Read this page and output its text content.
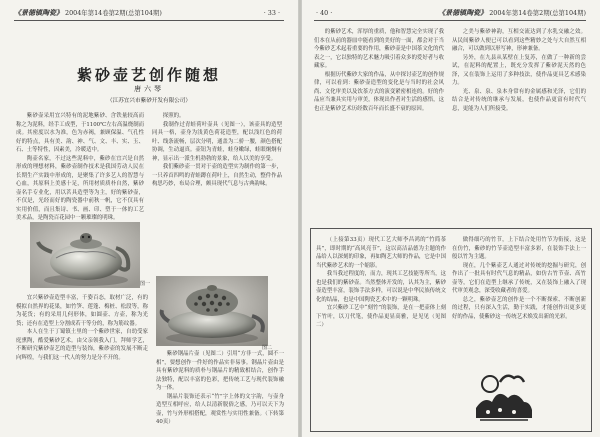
《景德镇陶瓷》 2004年第14卷第2期(总第104期)	· 33 ·
紫砂壶艺创作随想
唐六琴
（江苏宜兴市紫砂开发有限公司）

紫砂壶采用宜兴特有的泥地紫砂、含铁量较高而称之为泥料，经手工成型，于1100℃左右高温烧制而成。其密度以水为准，色为赤褐，兼顾保温、气孔性好的特点，具有美、韵、神、气、文、丰、实、玉、石、土等特性，因素美，冷暖适中。

陶壶名家，不过这些泥料中，紫砂在宜兴是自然形成的理想材料，紫砂壶制作技术是我国劳动人民在长期生产实践中形成的，是聚集了许多艺人的智慧与心血，其原料上美感十足，所用材质质朴自然，紫砂壶名手专业化，用以茗具造型等为主，好的紫砂壶，不仅是，光经而好的陶瓷器中前秋一帆，它不仅具有实用价值，而且集诗、书、画、印、塑于一体的工艺美术品，是陶瓷百花园中一颗璀璨的明珠。

探照的。

我制作过青蛙荷叶壶具（见图一），该壶具的造型同具一格，壶身为浅黄色荷花造型，配以浅红色的荷叶、线条流畅，层次分明，通盖为二骄一腰，颜色搭配协调，生动逼真。壶钮为青蛙，蛙身嫩绿，蛙眼炯炯有神，显示出一派生机勃勃的景象，给人以美的享受。

我们紫砂壶一贯对于壶的造型实为制作的第一步，一只养首四鸣的青蛙蹲在荷叶上，自然生动，整件作品构思巧妙，布局合理，颇具现代气息与古典韵味。

图一
图二

宜兴紫砂壶造型丰富，千姿百态，取材广泛，有的模拟自然界的花果，如竹笋、莲蓬、梅桩、松段等，称为花货；有的采用几何形体，如圆壶、方壶，称为光货；还有在造型上分割成若干等分的，称为筋纹器。

本人在生于丁蜀镇土里的一个紫砂世家，自幼受家庭熏陶，酷爱紫砂艺术。由父亲领我入门，拜师学艺，不断研究紫砂壶艺的造型与装饰，紫砂壶的发展不断走向辉煌，与我们这一代人的努力是分不开的。

紫砂钢晶片壶（见图二）引用“方非一式，圆不一相”，要想创作一件好的作品实非易事。钢晶片壶由是具有紫砂泥料的质朴与钢晶片的精致相结合，创作手法独特，配以丰富的色彩，把传统工艺与现代装饰融为一体。

钢晶片装饰还表示“竹”字上体的文字韵，与壶身造型互相呼应，给人以清新脱俗之感，乃可以天下为壶，竹与外形相搭配，观赏性与实用性兼备。（下转第40页）

· 40 ·	《景德镇陶瓷》 2004年第14卷第2期(总第104期)

的紫砂艺术，浑厚的重质，他和智慧完全实现了我们本在从前的器皿中能看到的美好的一面，都会对于当今紫砂艺术起着重要的作用，紫砂壶是中国茶文化的代表之一，它以独特的艺术魅力吸引着众多的爱好者与收藏家。

根据历代紫砂大家的作品，从中探讨壶艺的创作规律，可以看到：紫砂壶造型的变化是与当时的社会风尚、文化审美以及饮茶方式的演变紧密相连的。好的作品应当兼具实用与审美，体现出作者对生活的感悟，这也正是紫砂艺术历经数百年而长盛不衰的原因。

之美与紫砂神韵，互相交流达到了水乳交融之效。从民间紫砂人便已可以看到这些精妙之处与大自然互相融合，可以做到以形写神，形神兼备。

另外，在九县从某壁在上复苏，在做了一种新的尝试，在泥料的配置上，既充分发挥了紫砂泥天然的色泽，又在装饰上运用了多种技法，使作品更具艺术感染力。

光、泉、泉、泉本身常有的金属感和光泽，它们的结合是对传统的继承与发展，也使作品更富有时代气息，更能为人们所接受。

（上接第33页）现代工艺大师李昌鸿的“竹简茶具”，即时期的“高风亮节”，这以高洁品德为主题的作品给人以深刻的印象，再如陶艺大师的作品，它是中国当代紫砂艺术的一个缩影。

我当我过程度的，而力，现其工艺技能等所当，这也是我们的紫砂壶。当然整体开发的，认其为主，紫砂壶造型丰富，装饰手法多样，可以说是中华民族传统文化的结晶，也是中国陶瓷艺术中的一颗明珠。

宜兴紫砂工艺中“刻竹”的装饰，是在一把壶体上刻下竹叶，以刀代笔，使作品更显高雅，是见见（见图二）

做得细巧的竹节，上下结合处用竹节为衔接，这是在仿竹，紫砂的竹节壶造型丰富多彩，在装饰手法上一般以竹为主题。

现在，几个紫壶艺人通过对传统的挖掘与研究，创作出了一批具有时代气息的精品，如仿古竹节壶、高竹壶等，它们在造型上继承了传统，又在装饰上融入了现代审美观念，深受收藏者的喜爱。

总之，紫砂壶艺的创作是一个不断探索、不断创新的过程，只有深入生活，勤于实践，才能创作出更多更好的作品，使紫砂这一传统艺术焕发出新的光彩。
